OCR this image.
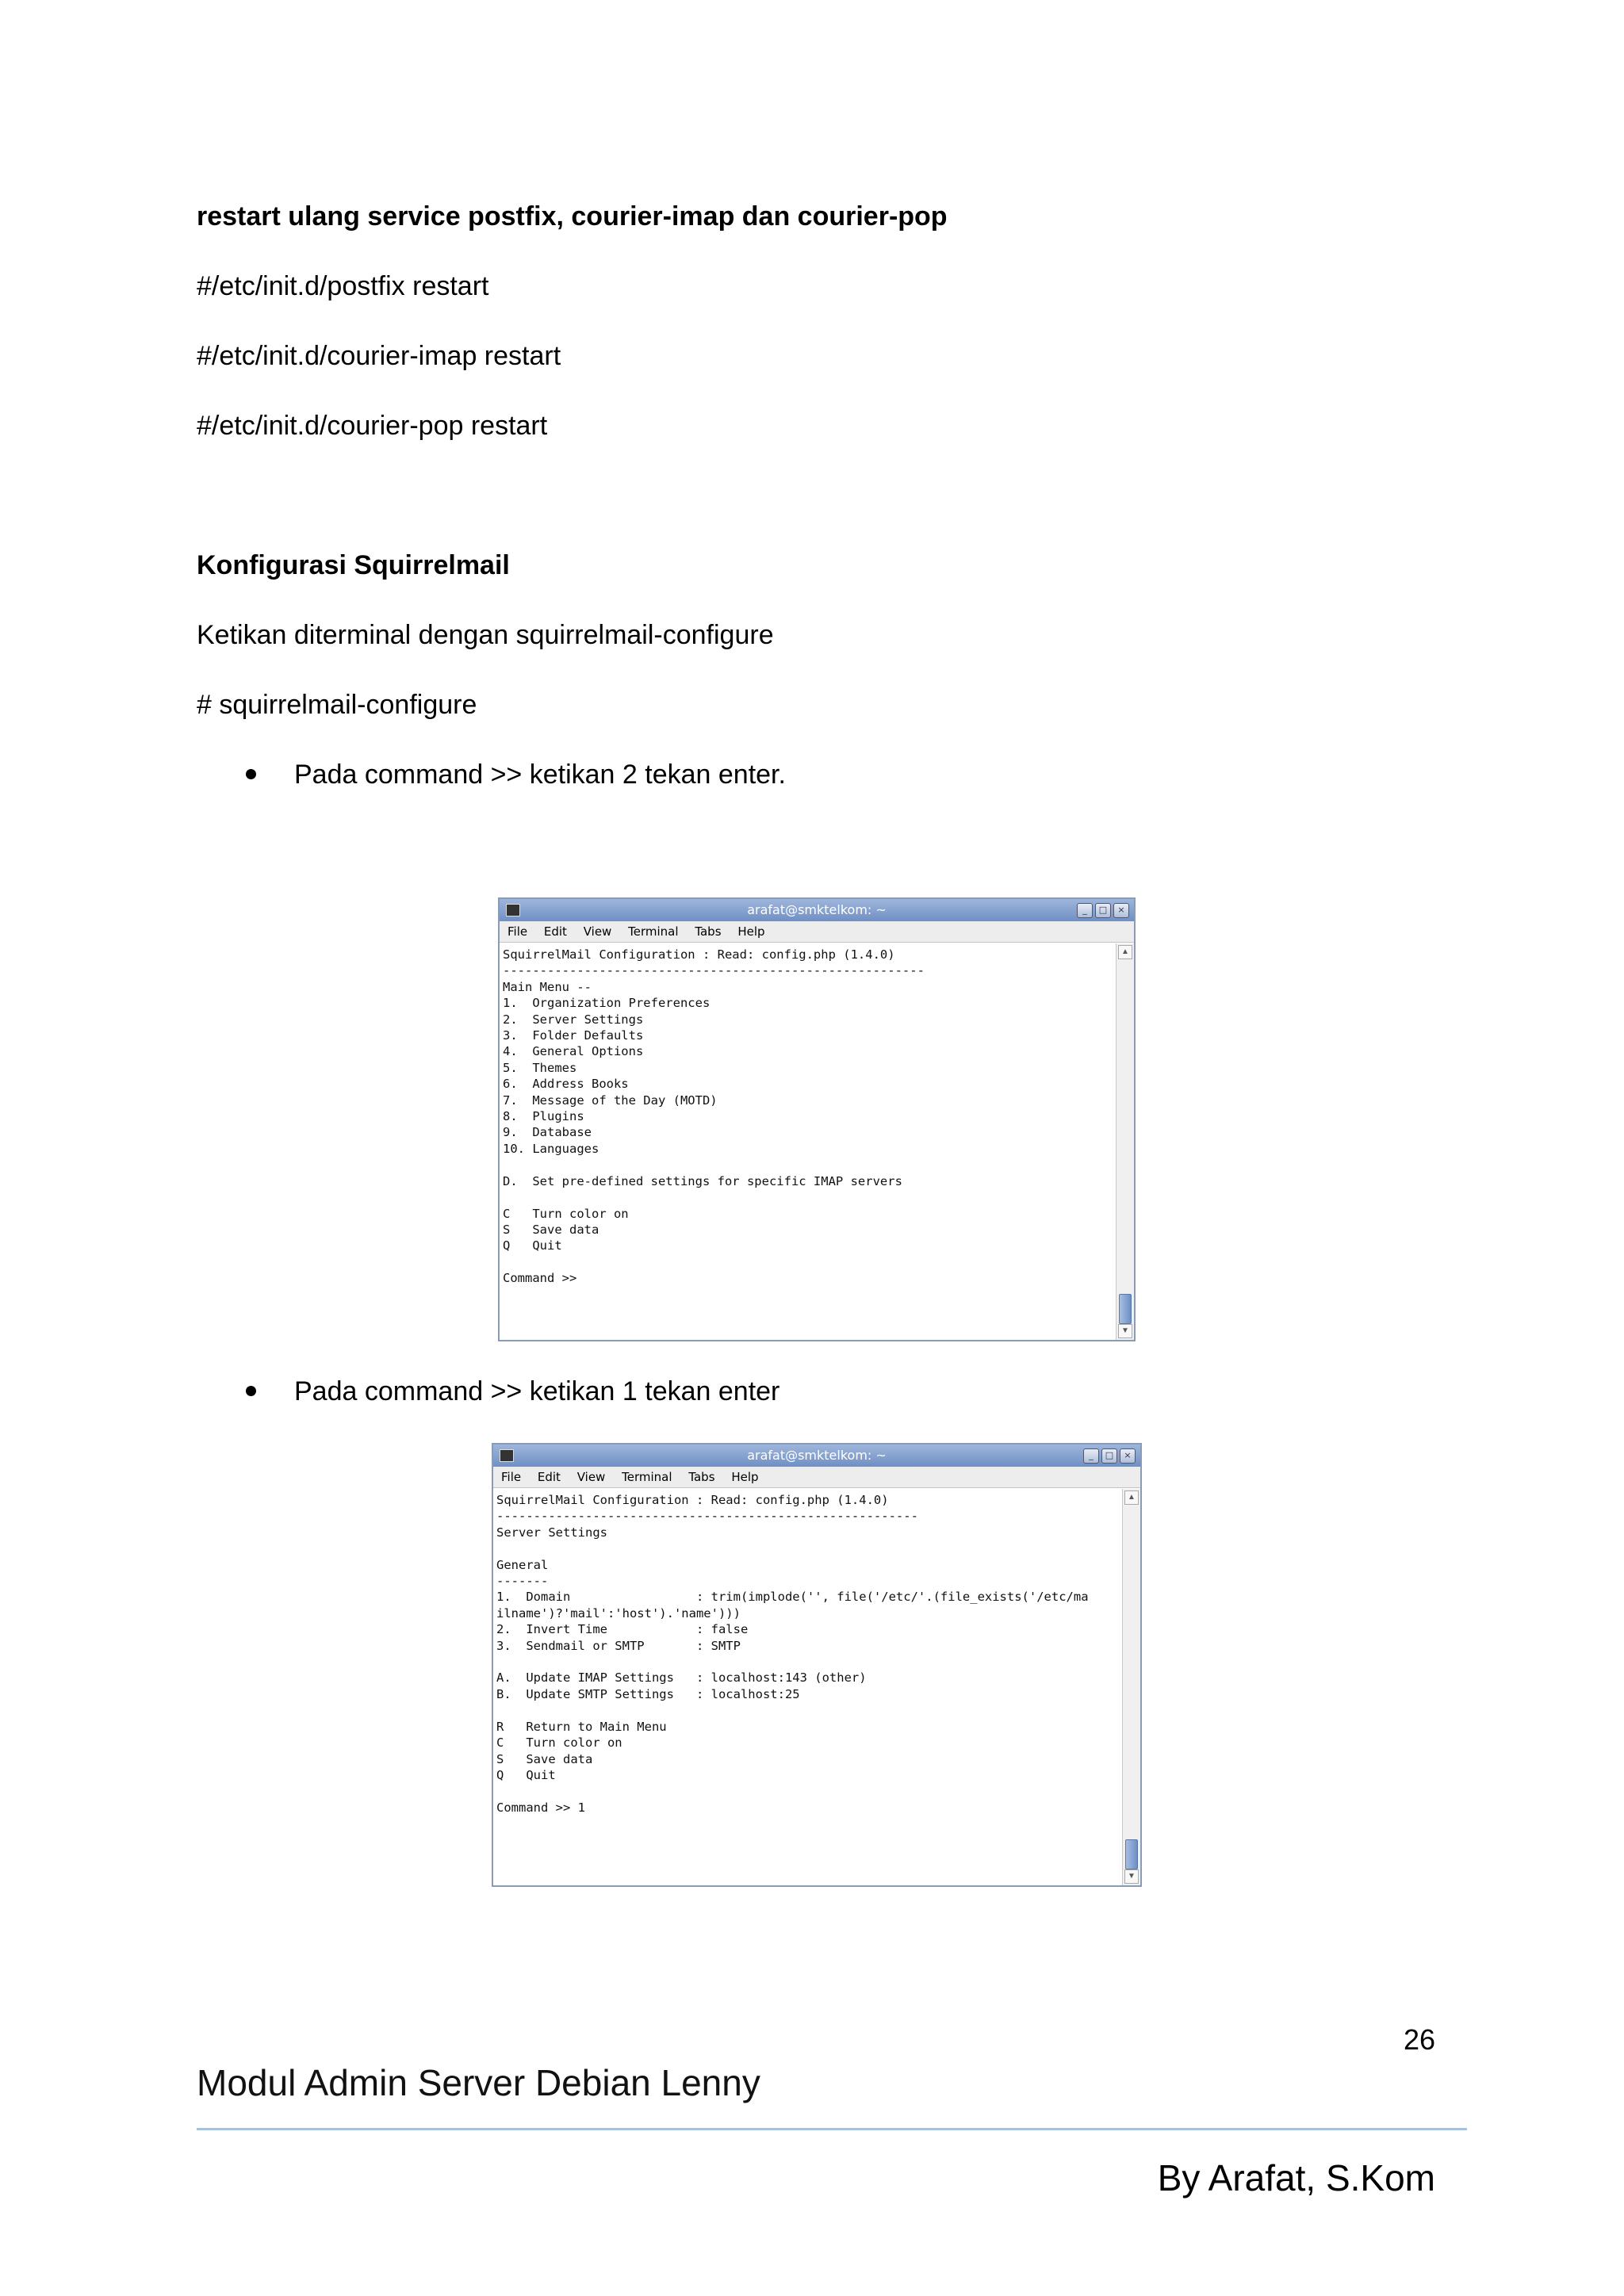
restart ulang service postfix, courier-imap dan courier-pop
#/etc/init.d/postfix restart
#/etc/init.d/courier-imap restart
#/etc/init.d/courier-pop restart
Konfigurasi Squirrelmail
Ketikan diterminal dengan squirrelmail-configure
# squirrelmail-configure
Pada command >> ketikan 2 tekan enter.
arafat@smktelkom: ~	_	□	×
File Edit View Terminal Tabs Help
SquirrelMail Configuration : Read: config.php (1.4.0)
---------------------------------------------------------
Main Menu --
1.  Organization Preferences
2.  Server Settings
3.  Folder Defaults
4.  General Options
5.  Themes
6.  Address Books
7.  Message of the Day (MOTD)
8.  Plugins
9.  Database
10. Languages

D.  Set pre-defined settings for specific IMAP servers

C   Turn color on
S   Save data
Q   Quit

Command >>
▲
▼
Pada command >> ketikan 1 tekan enter
arafat@smktelkom: ~	_	□	×
File Edit View Terminal Tabs Help
SquirrelMail Configuration : Read: config.php (1.4.0)
---------------------------------------------------------
Server Settings

General
-------
1.  Domain                 : trim(implode('', file('/etc/'.(file_exists('/etc/ma
ilname')?'mail':'host').'name')))
2.  Invert Time            : false
3.  Sendmail or SMTP       : SMTP

A.  Update IMAP Settings   : localhost:143 (other)
B.  Update SMTP Settings   : localhost:25

R   Return to Main Menu
C   Turn color on
S   Save data
Q   Quit

Command >> 1
▲
▼
26
Modul Admin Server Debian Lenny
By Arafat, S.Kom
